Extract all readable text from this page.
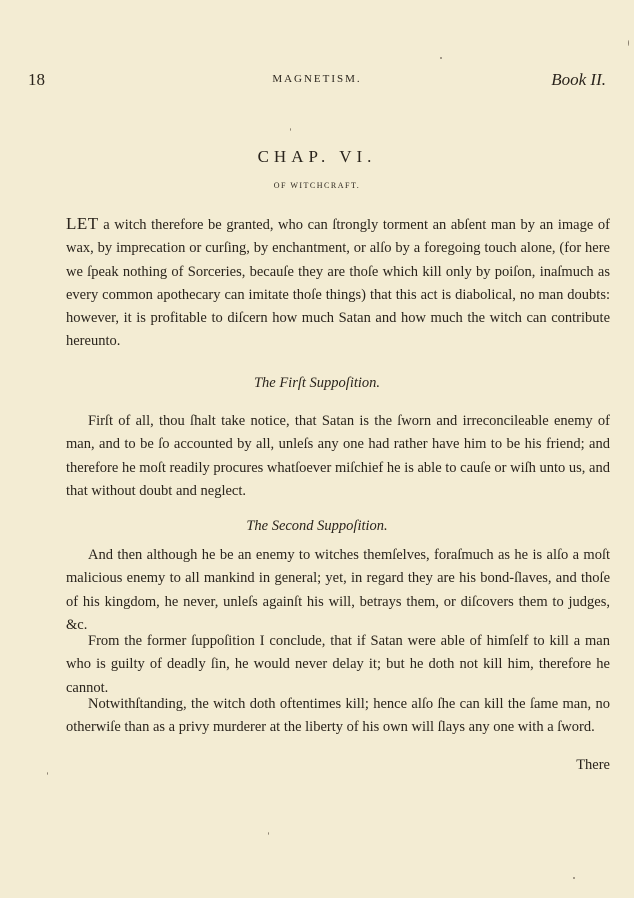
18	MAGNETISM.	Book II.
CHAP. VI.
OF WITCHCRAFT.

LET a witch therefore be granted, who can ſtrongly torment an abſent man by an image of wax, by imprecation or curſing, by enchantment, or alſo by a foregoing touch alone, (for here we ſpeak nothing of Sorceries, becauſe they are thoſe which kill only by poiſon, inaſmuch as every common apothecary can imitate thoſe things) that this act is diabolical, no man doubts: however, it is profitable to diſcern how much Satan and how much the witch can contribute hereunto.

The Firſt Suppoſition.

Firſt of all, thou ſhalt take notice, that Satan is the ſworn and irreconcileable enemy of man, and to be ſo accounted by all, unleſs any one had rather have him to be his friend; and therefore he moſt readily procures whatſoever miſchief he is able to cauſe or wiſh unto us, and that without doubt and neglect.

The Second Suppoſition.

And then although he be an enemy to witches themſelves, foraſmuch as he is alſo a moſt malicious enemy to all mankind in general; yet, in regard they are his bond-ſlaves, and thoſe of his kingdom, he never, unleſs againſt his will, betrays them, or diſcovers them to judges, &c.

From the former ſuppoſition I conclude, that if Satan were able of himſelf to kill a man who is guilty of deadly ſin, he would never delay it; but he doth not kill him, therefore he cannot.

Notwithſtanding, the witch doth oftentimes kill; hence alſo ſhe can kill the ſame man, no otherwiſe than as a privy murderer at the liberty of his own will ſlays any one with a ſword.

There
